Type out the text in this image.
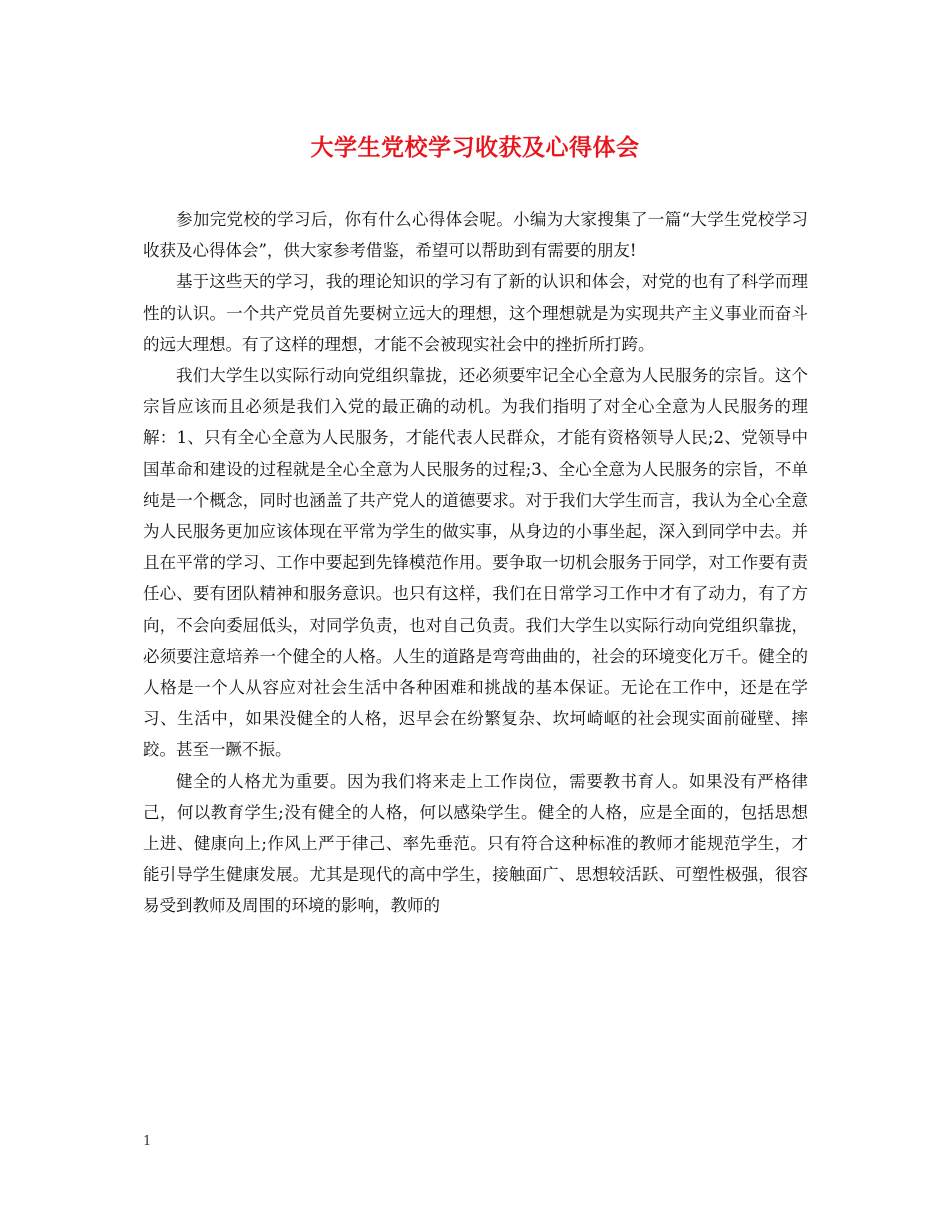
大学生党校学习收获及心得体会

参加完党校的学习后，你有什么心得体会呢。小编为大家搜集了一篇“大学生党校学习收获及心得体会”，供大家参考借鉴，希望可以帮助到有需要的朋友!

基于这些天的学习，我的理论知识的学习有了新的认识和体会，对党的也有了科学而理性的认识。一个共产党员首先要树立远大的理想，这个理想就是为实现共产主义事业而奋斗的远大理想。有了这样的理想，才能不会被现实社会中的挫折所打跨。

我们大学生以实际行动向党组织靠拢，还必须要牢记全心全意为人民服务的宗旨。这个宗旨应该而且必须是我们入党的最正确的动机。为我们指明了对全心全意为人民服务的理解：1、只有全心全意为人民服务，才能代表人民群众，才能有资格领导人民;2、党领导中国革命和建设的过程就是全心全意为人民服务的过程;3、全心全意为人民服务的宗旨，不单纯是一个概念，同时也涵盖了共产党人的道德要求。对于我们大学生而言，我认为全心全意为人民服务更加应该体现在平常为学生的做实事，从身边的小事坐起，深入到同学中去。并且在平常的学习、工作中要起到先锋模范作用。要争取一切机会服务于同学，对工作要有责任心、要有团队精神和服务意识。也只有这样，我们在日常学习工作中才有了动力，有了方向，不会向委屈低头，对同学负责，也对自己负责。我们大学生以实际行动向党组织靠拢，必须要注意培养一个健全的人格。人生的道路是弯弯曲曲的，社会的环境变化万千。健全的人格是一个人从容应对社会生活中各种困难和挑战的基本保证。无论在工作中，还是在学习、生活中，如果没健全的人格，迟早会在纷繁复杂、坎坷崎岖的社会现实面前碰壁、摔跤。甚至一蹶不振。

健全的人格尤为重要。因为我们将来走上工作岗位，需要教书育人。如果没有严格律己，何以教育学生;没有健全的人格，何以感染学生。健全的人格，应是全面的，包括思想上进、健康向上;作风上严于律己、率先垂范。只有符合这种标准的教师才能规范学生，才能引导学生健康发展。尤其是现代的高中学生，接触面广、思想较活跃、可塑性极强，很容易受到教师及周围的环境的影响，教师的

1
